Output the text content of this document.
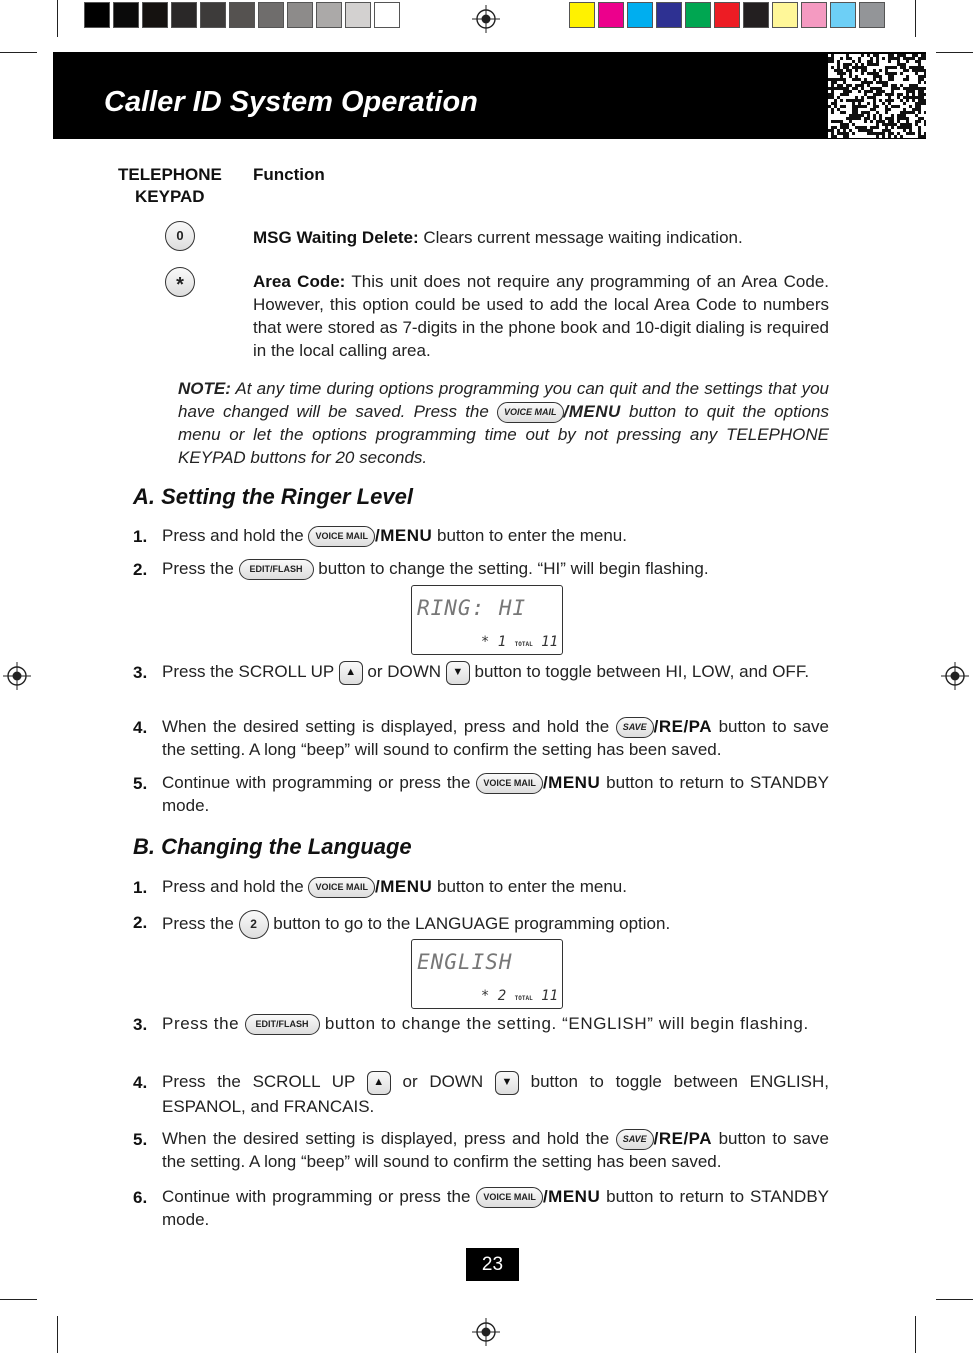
Caller ID System Operation
TELEPHONE
KEYPAD
Function
0	MSG Waiting Delete: Clears current message waiting indication.
*	Area Code: This unit does not require any programming of an Area Code. However, this option could be used to add the local Area Code to numbers that were stored as 7-digits in the phone book and 10-digit dialing is required in the local calling area.
NOTE: At any time during options programming you can quit and the settings that you have changed will be saved. Press the VOICE MAIL /MENU button to quit the options menu or let the options programming time out by not pressing any TELEPHONE KEYPAD buttons for 20 seconds.
A. Setting the Ringer Level
1. Press and hold the VOICE MAIL /MENU button to enter the menu.
2. Press the EDIT/FLASH button to change the setting. “HI” will begin flashing.
RING: HI
* 1 TOTAL 11
3. Press the SCROLL UP ▲ or DOWN ▼ button to toggle between HI, LOW, and OFF.
4. When the desired setting is displayed, press and hold the SAVE /RE/PA button to save the setting. A long “beep” will sound to confirm the setting has been saved.
5. Continue with programming or press the VOICE MAIL /MENU button to return to STANDBY mode.
B. Changing the Language
1. Press and hold the VOICE MAIL /MENU button to enter the menu.
2. Press the 2 button to go to the LANGUAGE programming option.
ENGLISH
* 2 TOTAL 11
3. Press the EDIT/FLASH button to change the setting. “ENGLISH” will begin flashing.
4. Press the SCROLL UP ▲ or DOWN ▼ button to toggle between ENGLISH, ESPANOL, and FRANCAIS.
5. When the desired setting is displayed, press and hold the SAVE /RE/PA button to save the setting. A long “beep” will sound to confirm the setting has been saved.
6. Continue with programming or press the VOICE MAIL /MENU button to return to STANDBY mode.
23
